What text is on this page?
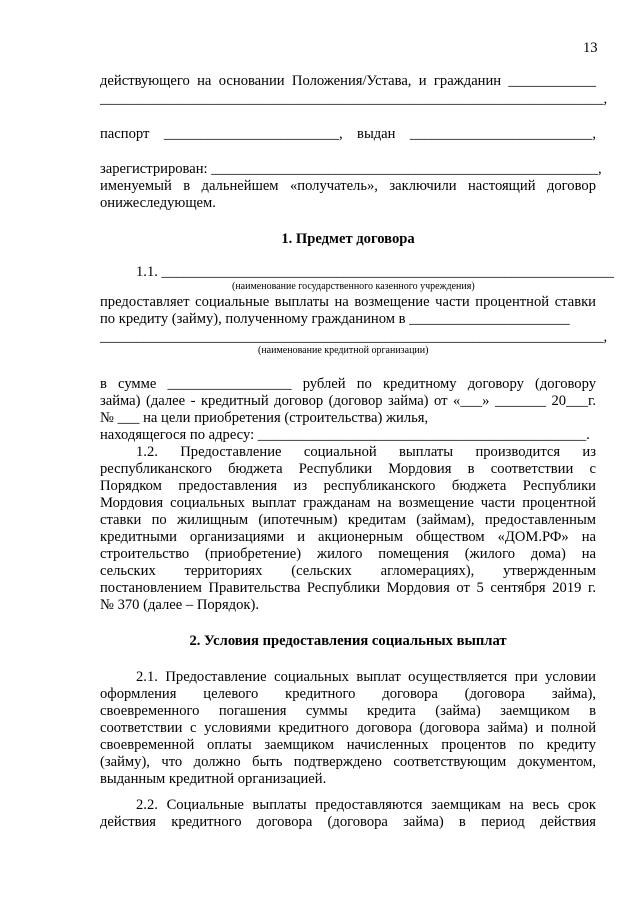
13
действующего на основании Положения/Устава, и гражданин ____________
_____________________________________________________________________,
паспорт ________________________, выдан _________________________,
зарегистрирован: _____________________________________________________,
именуемый в дальнейшем «получатель», заключили настоящий договор
онижеследующем.
1. Предмет договора
1.1. ______________________________________________________________
(наименование государственного казенного учреждения)
предоставляет социальные выплаты на возмещение части процентной ставки
по кредиту (займу), полученному гражданином в ______________________
_____________________________________________________________________,
(наименование кредитной организации)
в сумме _________________ рублей по кредитному договору (договору
займа) (далее - кредитный договор (договор займа) от «___» _______ 20___г.
№ ___ на цели приобретения (строительства) жилья,
находящегося по адресу: _____________________________________________.
1.2. Предоставление социальной выплаты производится из
республиканского бюджета Республики Мордовия в соответствии с
Порядком предоставления из республиканского бюджета Республики
Мордовия социальных выплат гражданам на возмещение части процентной
ставки по жилищным (ипотечным) кредитам (займам), предоставленным
кредитными организациями и акционерным обществом «ДОМ.РФ» на
строительство (приобретение) жилого помещения (жилого дома) на
сельских территориях (сельских агломерациях), утвержденным
постановлением Правительства Республики Мордовия от 5 сентября 2019 г.
№ 370 (далее – Порядок).
2. Условия предоставления социальных выплат
2.1. Предоставление социальных выплат осуществляется при условии
оформления целевого кредитного договора (договора займа),
своевременного погашения суммы кредита (займа) заемщиком в
соответствии с условиями кредитного договора (договора займа) и полной
своевременной оплаты заемщиком начисленных процентов по кредиту
(займу), что должно быть подтверждено соответствующим документом,
выданным кредитной организацией.
2.2. Социальные выплаты предоставляются заемщикам на весь срок
действия кредитного договора (договора займа) в период действия
